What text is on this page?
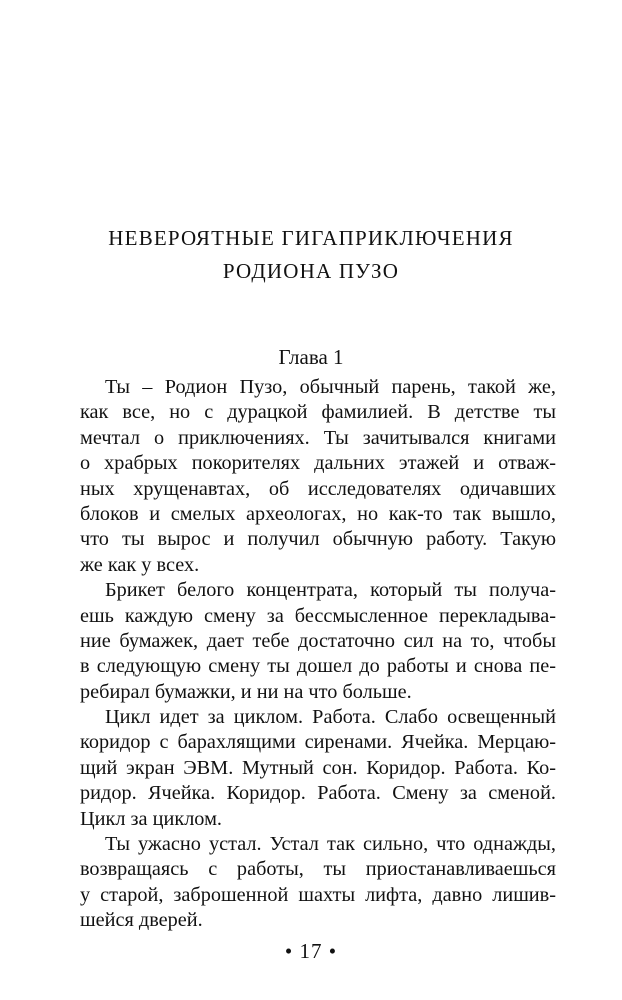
НЕВЕРОЯТНЫЕ ГИГАПРИКЛЮЧЕНИЯ
РОДИОНА ПУЗО
Глава 1
Ты – Родион Пузо, обычный парень, такой же,
как все, но с дурацкой фамилией. В детстве ты
мечтал о приключениях. Ты зачитывался книгами
о храбрых покорителях дальних этажей и отваж-
ных хрущенавтах, об исследователях одичавших
блоков и смелых археологах, но как-то так вышло,
что ты вырос и получил обычную работу. Такую
же как у всех.
Брикет белого концентрата, который ты получа-
ешь каждую смену за бессмысленное перекладыва-
ние бумажек, дает тебе достаточно сил на то, чтобы
в следующую смену ты дошел до работы и снова пе-
ребирал бумажки, и ни на что больше.
Цикл идет за циклом. Работа. Слабо освещенный
коридор с барахлящими сиренами. Ячейка. Мерцаю-
щий экран ЭВМ. Мутный сон. Коридор. Работа. Ко-
ридор. Ячейка. Коридор. Работа. Смену за сменой.
Цикл за циклом.
Ты ужасно устал. Устал так сильно, что однажды,
возвращаясь с работы, ты приостанавливаешься
у старой, заброшенной шахты лифта, давно лишив-
шейся дверей.
• 17 •
